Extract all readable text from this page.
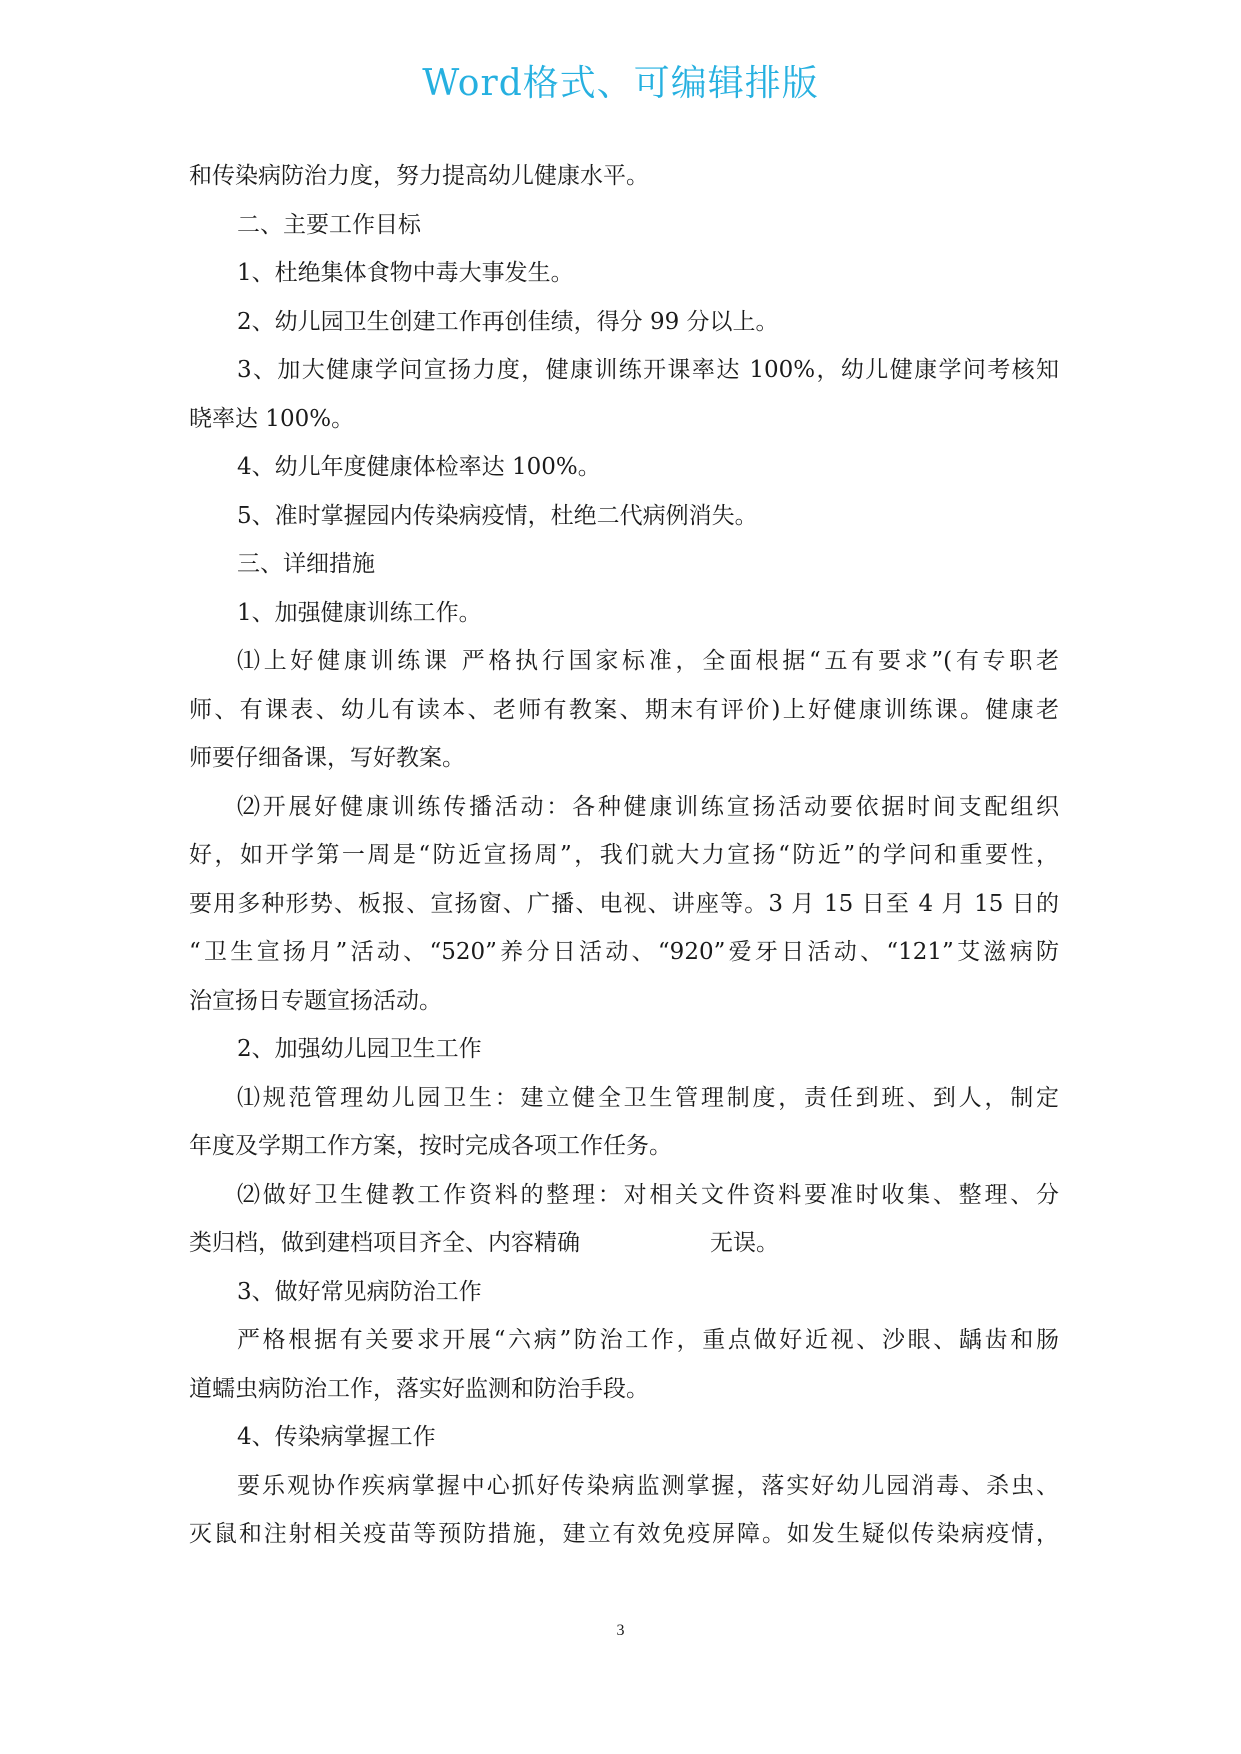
Word格式、可编辑排版
和传染病防治力度，努力提高幼儿健康水平。
二、主要工作目标
1、杜绝集体食物中毒大事发生。
2、幼儿园卫生创建工作再创佳绩，得分 99 分以上。
3、加大健康学问宣扬力度，健康训练开课率达 100%，幼儿健康学问考核知
晓率达 100%。
4、幼儿年度健康体检率达 100%。
5、准时掌握园内传染病疫情，杜绝二代病例消失。
三、详细措施
1、加强健康训练工作。
⑴上好健康训练课 严格执行国家标准，全面根据“五有要求”(有专职老
师、有课表、幼儿有读本、老师有教案、期末有评价)上好健康训练课。健康老
师要仔细备课，写好教案。
⑵开展好健康训练传播活动：各种健康训练宣扬活动要依据时间支配组织
好，如开学第一周是“防近宣扬周”，我们就大力宣扬“防近”的学问和重要性，
要用多种形势、板报、宣扬窗、广播、电视、讲座等。3 月 15 日至 4 月 15 日的
“卫生宣扬月”活动、“520”养分日活动、“920”爱牙日活动、“121”艾滋病防
治宣扬日专题宣扬活动。
2、加强幼儿园卫生工作
⑴规范管理幼儿园卫生：建立健全卫生管理制度，责任到班、到人，制定
年度及学期工作方案，按时完成各项工作任务。
⑵做好卫生健教工作资料的整理：对相关文件资料要准时收集、整理、分
类归档，做到建档项目齐全、内容精确	无误。
3、做好常见病防治工作
严格根据有关要求开展“六病”防治工作，重点做好近视、沙眼、龋齿和肠
道蠕虫病防治工作，落实好监测和防治手段。
4、传染病掌握工作
要乐观协作疾病掌握中心抓好传染病监测掌握，落实好幼儿园消毒、杀虫、
灭鼠和注射相关疫苗等预防措施，建立有效免疫屏障。如发生疑似传染病疫情，
3
